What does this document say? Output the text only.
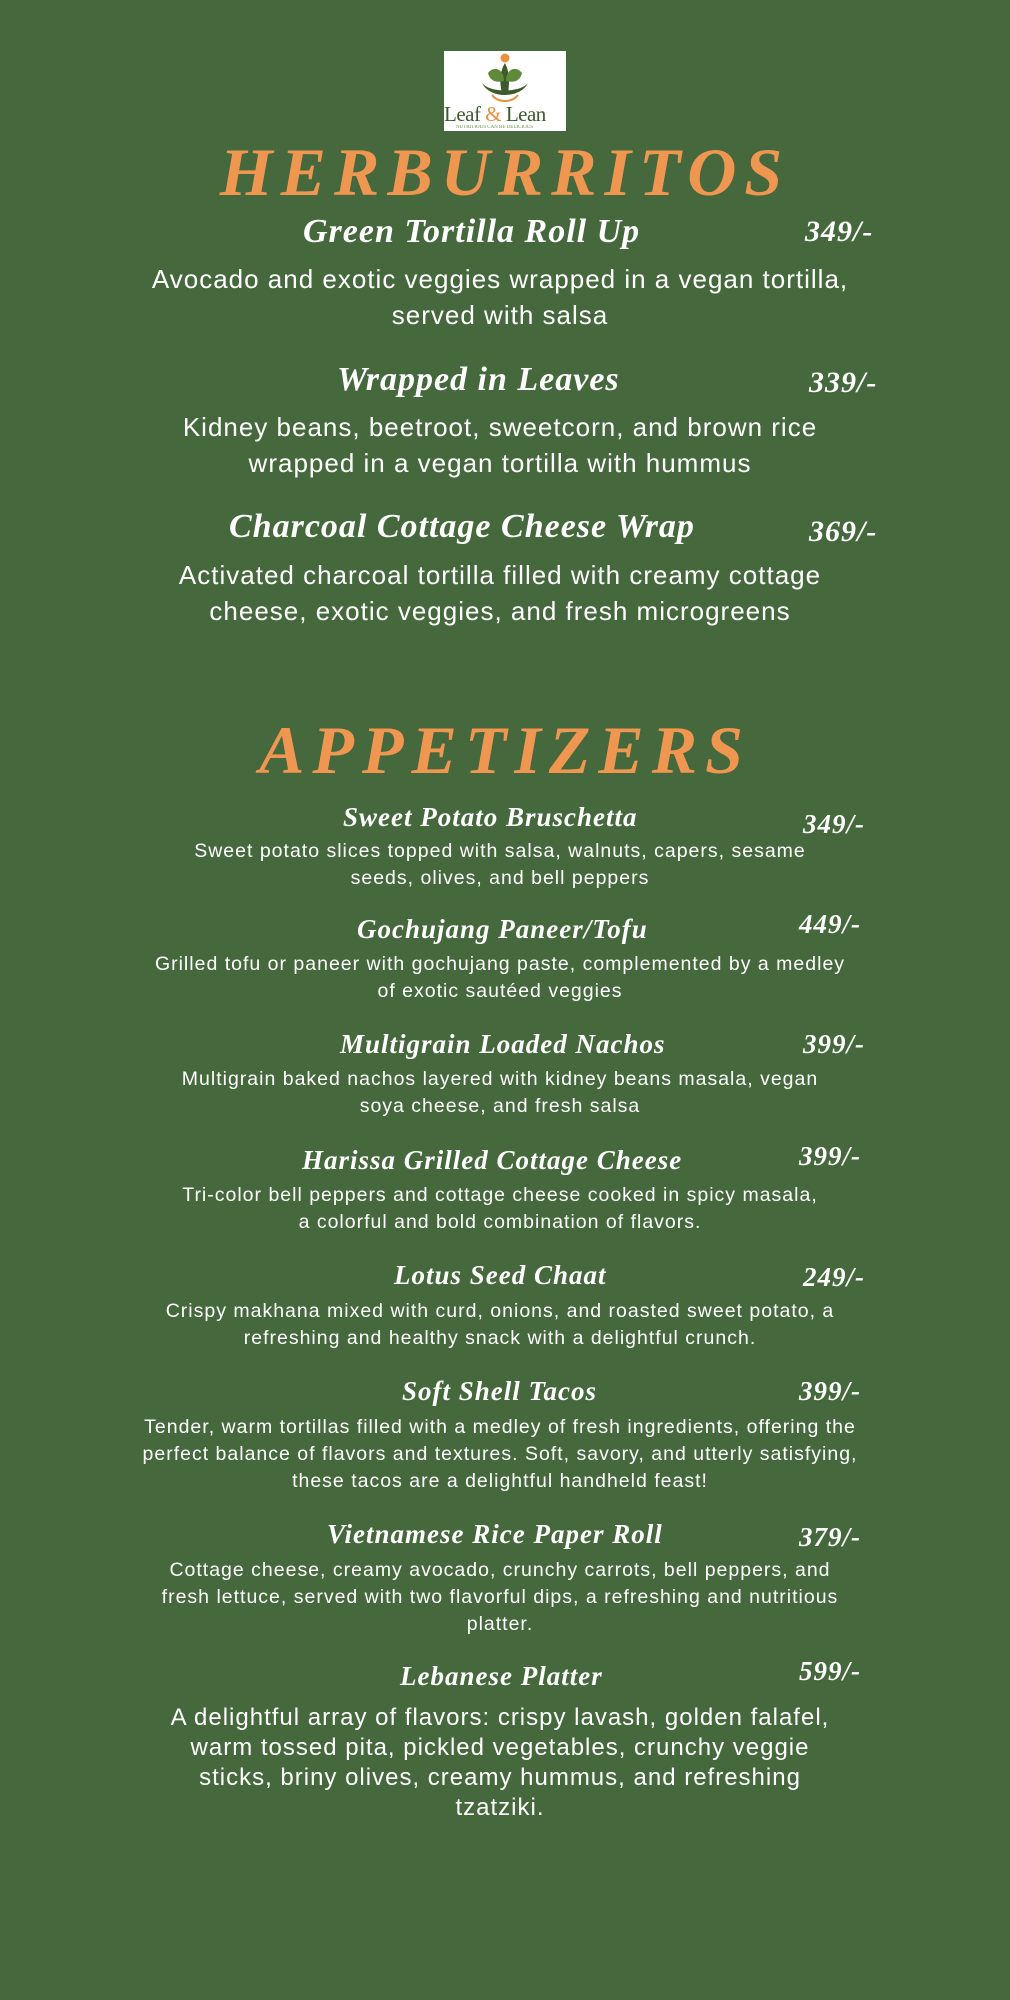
Leaf & Lean
NUTRITIOUS CAN BE DELICIOUS
HERBURRITOS
Green Tortilla Roll Up	349/-
Avocado and exotic veggies wrapped in a vegan tortilla, served with salsa
Wrapped in Leaves	339/-
Kidney beans, beetroot, sweetcorn, and brown rice wrapped in a vegan tortilla with hummus
Charcoal Cottage Cheese Wrap	369/-
Activated charcoal tortilla filled with creamy cottage cheese, exotic veggies, and fresh microgreens
APPETIZERS
Sweet Potato Bruschetta	349/-
Sweet potato slices topped with salsa, walnuts, capers, sesame seeds, olives, and bell peppers
Gochujang Paneer/Tofu	449/-
Grilled tofu or paneer with gochujang paste, complemented by a medley of exotic sautéed veggies
Multigrain Loaded Nachos	399/-
Multigrain baked nachos layered with kidney beans masala, vegan soya cheese, and fresh salsa
Harissa Grilled Cottage Cheese	399/-
Tri-color bell peppers and cottage cheese cooked in spicy masala, a colorful and bold combination of flavors.
Lotus Seed Chaat	249/-
Crispy makhana mixed with curd, onions, and roasted sweet potato, a refreshing and healthy snack with a delightful crunch.
Soft Shell Tacos	399/-
Tender, warm tortillas filled with a medley of fresh ingredients, offering the perfect balance of flavors and textures. Soft, savory, and utterly satisfying, these tacos are a delightful handheld feast!
Vietnamese Rice Paper Roll	379/-
Cottage cheese, creamy avocado, crunchy carrots, bell peppers, and fresh lettuce, served with two flavorful dips, a refreshing and nutritious platter.
Lebanese Platter	599/-
A delightful array of flavors: crispy lavash, golden falafel, warm tossed pita, pickled vegetables, crunchy veggie sticks, briny olives, creamy hummus, and refreshing tzatziki.
